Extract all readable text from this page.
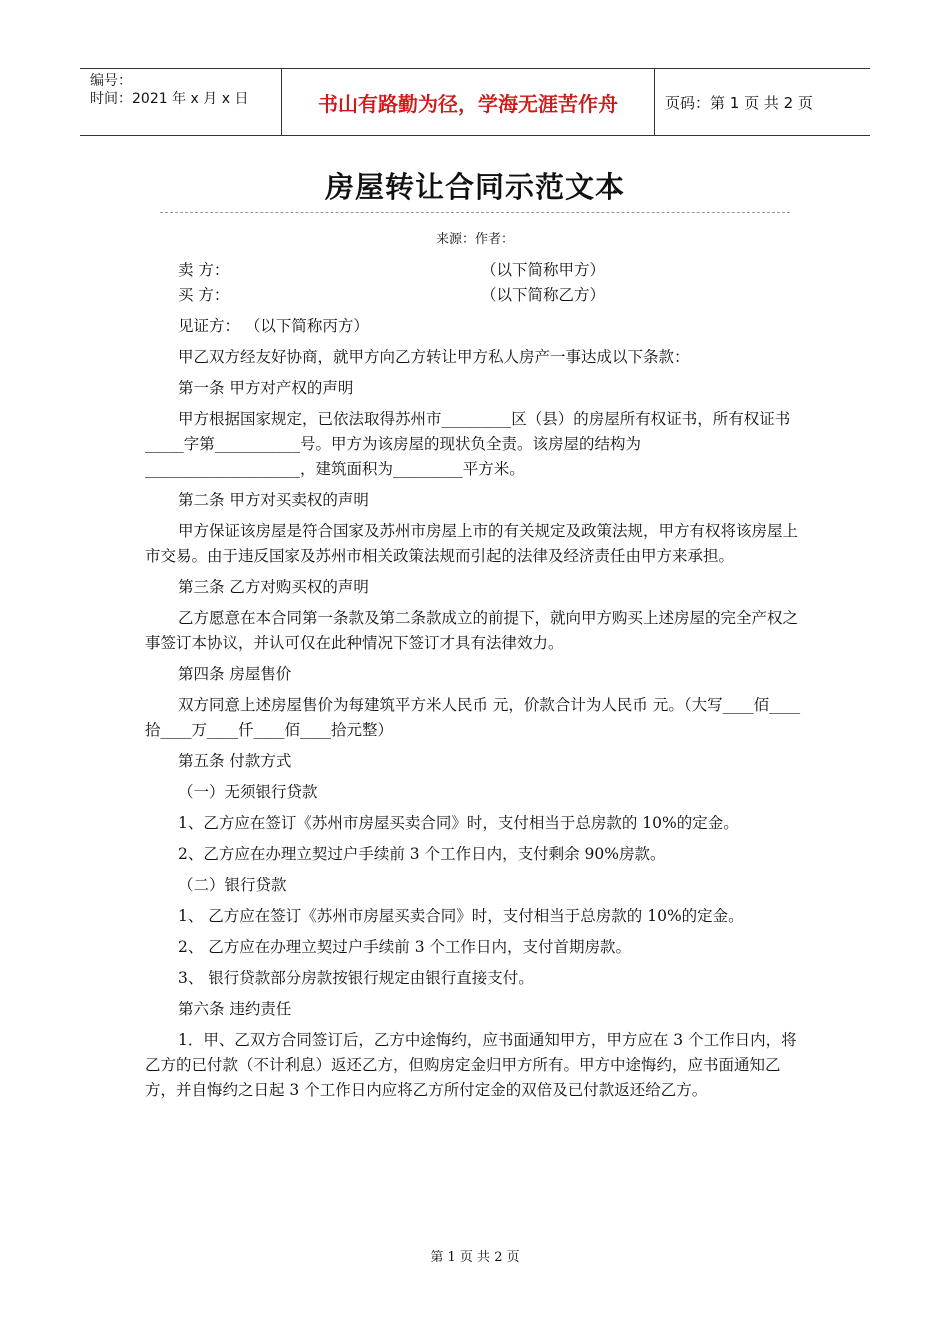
编号：
时间：2021 年 x 月 x 日	书山有路勤为径，学海无涯苦作舟	页码：第 1 页 共 2 页
房屋转让合同示范文本
来源：作者：
卖 方：	（以下简称甲方）
买 方：	（以下简称乙方）

见证方： （以下简称丙方）

甲乙双方经友好协商，就甲方向乙方转让甲方私人房产一事达成以下条款：

第一条 甲方对产权的声明

甲方根据国家规定，已依法取得苏州市_________区（县）的房屋所有权证书，所有权证书_____字第___________号。甲方为该房屋的现状负全责。该房屋的结构为 ____________________，建筑面积为_________平方米。

第二条 甲方对买卖权的声明

甲方保证该房屋是符合国家及苏州市房屋上市的有关规定及政策法规，甲方有权将该房屋上市交易。由于违反国家及苏州市相关政策法规而引起的法律及经济责任由甲方来承担。

第三条 乙方对购买权的声明

乙方愿意在本合同第一条款及第二条款成立的前提下，就向甲方购买上述房屋的完全产权之事签订本协议，并认可仅在此种情况下签订才具有法律效力。

第四条 房屋售价

双方同意上述房屋售价为每建筑平方米人民币 元，价款合计为人民币 元。（大写____佰____拾____万____仟____佰____拾元整）

第五条 付款方式

（一）无须银行贷款

1、乙方应在签订《苏州市房屋买卖合同》时，支付相当于总房款的 10%的定金。

2、乙方应在办理立契过户手续前 3 个工作日内，支付剩余 90%房款。

（二）银行贷款

1、 乙方应在签订《苏州市房屋买卖合同》时，支付相当于总房款的 10%的定金。

2、 乙方应在办理立契过户手续前 3 个工作日内，支付首期房款。

3、 银行贷款部分房款按银行规定由银行直接支付。

第六条 违约责任

1．甲、乙双方合同签订后，乙方中途悔约，应书面通知甲方，甲方应在 3 个工作日内，将乙方的已付款（不计利息）返还乙方，但购房定金归甲方所有。甲方中途悔约，应书面通知乙方，并自悔约之日起 3 个工作日内应将乙方所付定金的双倍及已付款返还给乙方。

第 1 页 共 2 页
